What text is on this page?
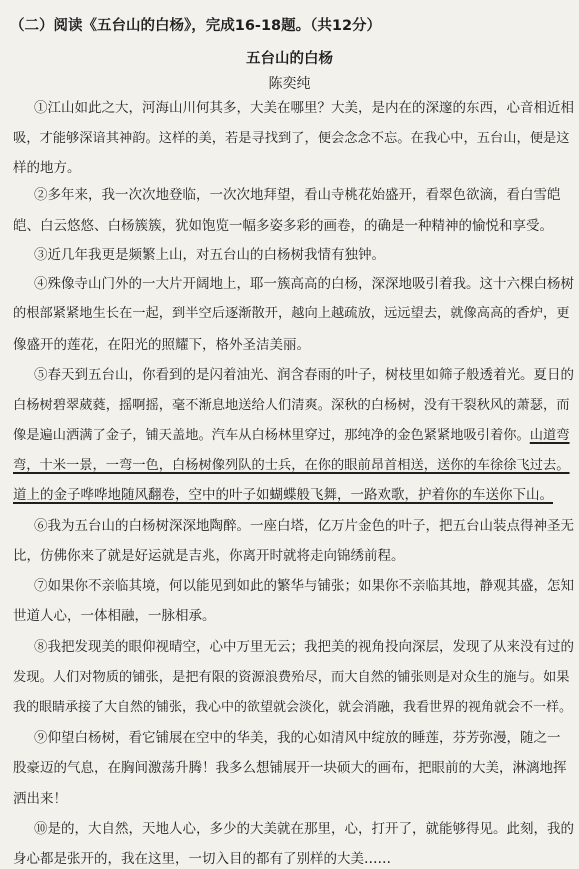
（二）阅读《五台山的白杨》，完成16-18题。（共12分）
五台山的白杨
陈奕纯
①江山如此之大，河海山川何其多，大美在哪里？大美，是内在的深邃的东西，心音相近相
吸，才能够深谙其神韵。这样的美，若是寻找到了，便会念念不忘。在我心中，五台山，便是这
样的地方。
②多年来，我一次次地登临，一次次地拜望，看山寺桃花始盛开，看翠色欲滴，看白雪皑
皑、白云悠悠、白杨簇簇，犹如饱览一幅多姿多彩的画卷，的确是一种精神的愉悦和享受。
③近几年我更是频繁上山，对五台山的白杨树我情有独钟。
④殊像寺山门外的一大片开阔地上，耶一簇高高的白杨，深深地吸引着我。这十六棵白杨树
的根部紧紧地生长在一起，到半空后逐渐散开，越向上越疏放，远远望去，就像高高的香炉，更
像盛开的莲花，在阳光的照耀下，格外圣洁美丽。
⑤春天到五台山，你看到的是闪着油光、润含春雨的叶子，树枝里如筛子般透着光。夏日的
白杨树碧翠葳蕤，摇啊摇，毫不渐息地送给人们清爽。深秋的白杨树，没有干裂秋风的萧瑟，而
像是遍山洒满了金子，铺天盖地。汽车从白杨林里穿过，那纯净的金色紧紧地吸引着你。山道弯
弯，十米一景，一弯一色，白杨树像列队的士兵，在你的眼前昂首相送，送你的车徐徐飞过去。
道上的金子哗哗地随风翻卷，空中的叶子如蝴蝶般飞舞，一路欢歌，护着你的车送你下山。
⑥我为五台山的白杨树深深地陶醉。一座白塔，亿万片金色的叶子，把五台山装点得神圣无
比，仿佛你来了就是好运就是吉兆，你离开时就将走向锦绣前程。
⑦如果你不亲临其境，何以能见到如此的繁华与铺张；如果你不亲临其地，静观其盛，怎知
世道人心，一体相融，一脉相承。
⑧我把发现美的眼仰视晴空，心中万里无云；我把美的视角投向深层，发现了从来没有过的
发现。人们对物质的铺张，是把有限的资源浪费殆尽，而大自然的铺张则是对众生的施与。如果
我的眼睛承接了大自然的铺张，我心中的欲望就会淡化，就会消融，我看世界的视角就会不一样。
⑨仰望白杨树，看它铺展在空中的华美，我的心如清风中绽放的睡莲，芬芳弥漫，随之一
股豪迈的气息，在胸间激荡升腾！我多么想铺展开一块硕大的画布，把眼前的大美，淋漓地挥
洒出来！
⑩是的，大自然，天地人心，多少的大美就在那里，心，打开了，就能够得见。此刻，我的
身心都是张开的，我在这里，一切入目的都有了别样的大美……
